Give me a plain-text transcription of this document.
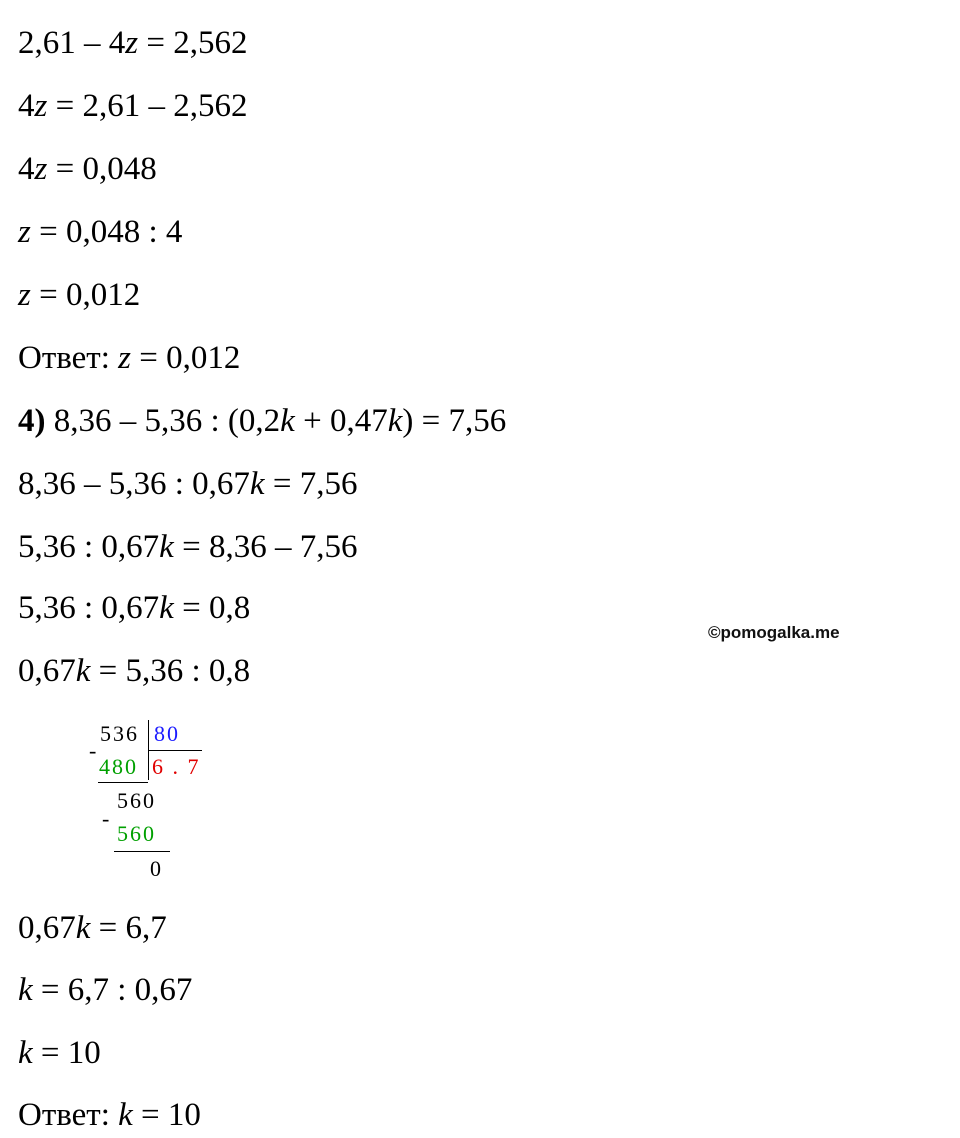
2,61 – 4z = 2,562
4z = 2,61 – 2,562
4z = 0,048
z = 0,048 : 4
z = 0,012
Ответ: z = 0,012
4) 8,36 – 5,36 : (0,2k + 0,47k) = 7,56
8,36 – 5,36 : 0,67k = 7,56
5,36 : 0,67k = 8,36 – 7,56
5,36 : 0,67k = 0,8
0,67k = 5,36 : 0,8
0,67k = 6,7
k = 6,7 : 0,67
k = 10
Ответ: k = 10
©pomogalka.me
536 80
-
480 6 . 7
560
-
560
0
